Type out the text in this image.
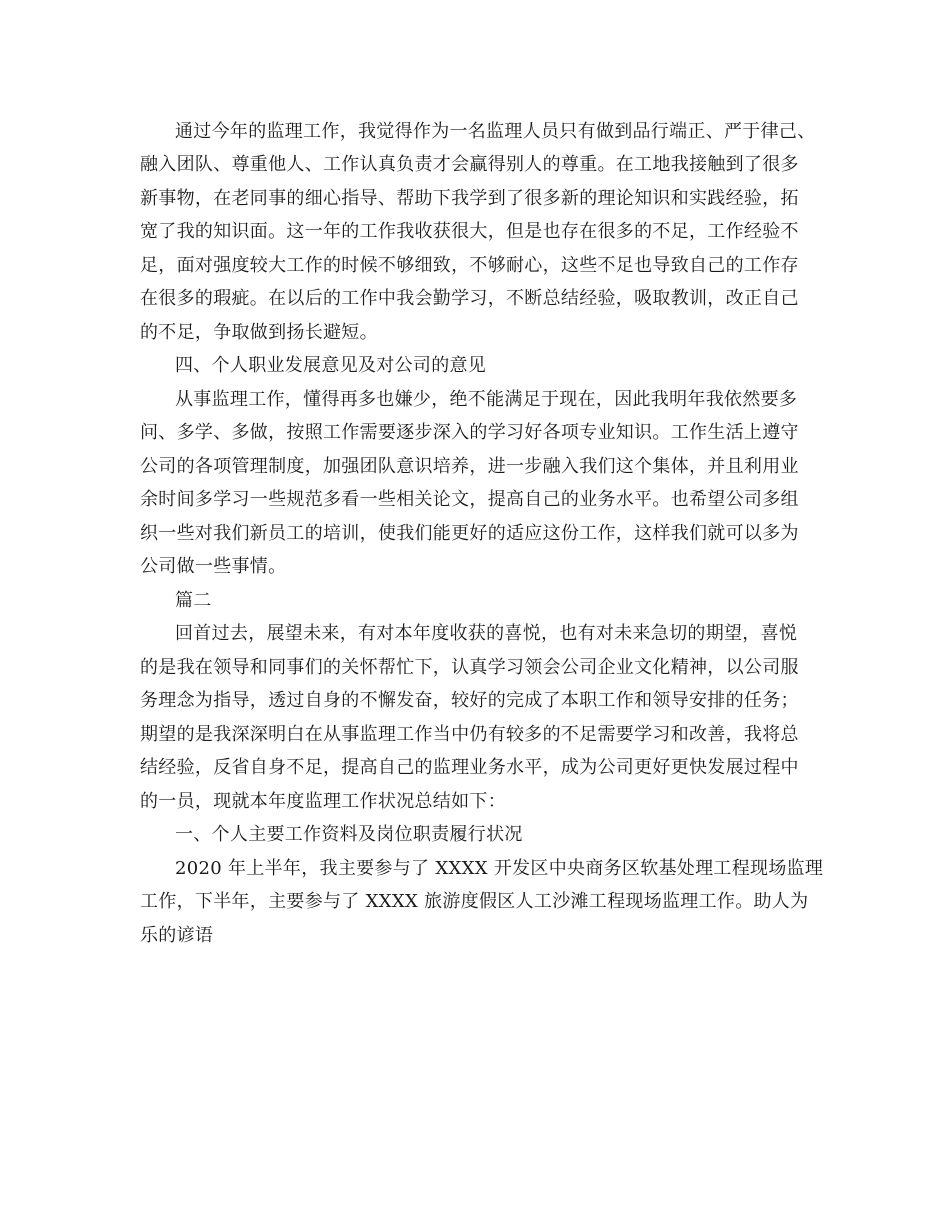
通过今年的监理工作，我觉得作为一名监理人员只有做到品行端正、严于律己、
融入团队、尊重他人、工作认真负责才会赢得别人的尊重。在工地我接触到了很多
新事物，在老同事的细心指导、帮助下我学到了很多新的理论知识和实践经验，拓
宽了我的知识面。这一年的工作我收获很大，但是也存在很多的不足，工作经验不
足，面对强度较大工作的时候不够细致，不够耐心，这些不足也导致自己的工作存
在很多的瑕疵。在以后的工作中我会勤学习，不断总结经验，吸取教训，改正自己
的不足，争取做到扬长避短。
四、个人职业发展意见及对公司的意见
从事监理工作，懂得再多也嫌少，绝不能满足于现在，因此我明年我依然要多
问、多学、多做，按照工作需要逐步深入的学习好各项专业知识。工作生活上遵守
公司的各项管理制度，加强团队意识培养，进一步融入我们这个集体，并且利用业
余时间多学习一些规范多看一些相关论文，提高自己的业务水平。也希望公司多组
织一些对我们新员工的培训，使我们能更好的适应这份工作，这样我们就可以多为
公司做一些事情。
篇二
回首过去，展望未来，有对本年度收获的喜悦，也有对未来急切的期望，喜悦
的是我在领导和同事们的关怀帮忙下，认真学习领会公司企业文化精神，以公司服
务理念为指导，透过自身的不懈发奋，较好的完成了本职工作和领导安排的任务；
期望的是我深深明白在从事监理工作当中仍有较多的不足需要学习和改善，我将总
结经验，反省自身不足，提高自己的监理业务水平，成为公司更好更快发展过程中
的一员，现就本年度监理工作状况总结如下：
一、个人主要工作资料及岗位职责履行状况
2020 年上半年，我主要参与了 XXXX 开发区中央商务区软基处理工程现场监理
工作，下半年，主要参与了 XXXX 旅游度假区人工沙滩工程现场监理工作。助人为
乐的谚语
